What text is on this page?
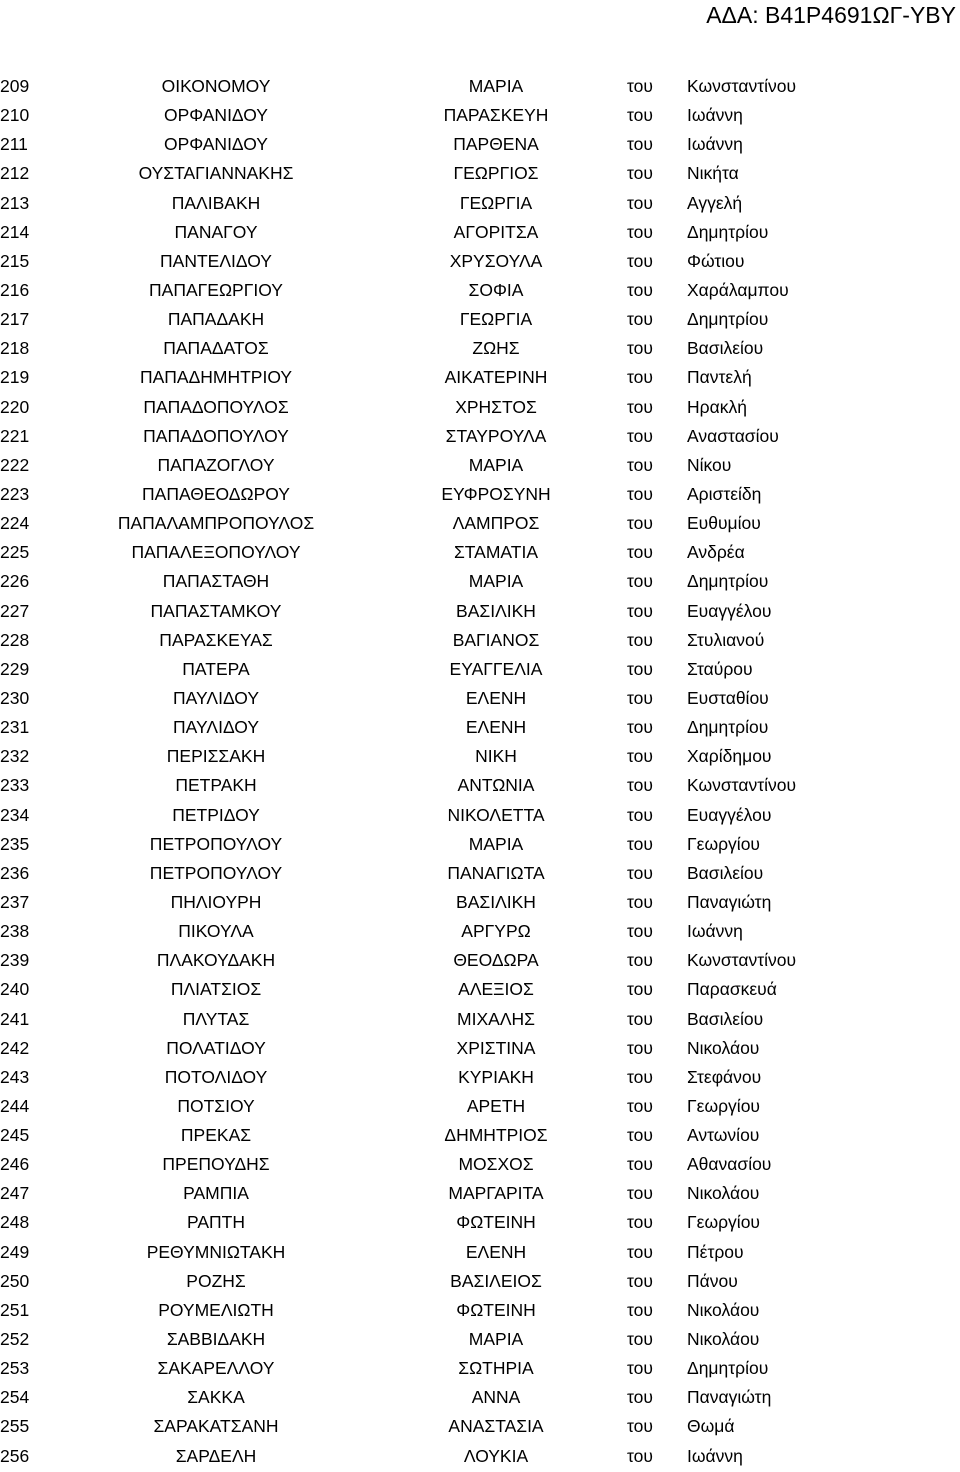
ΑΔΑ: Β41Ρ4691ΩΓ-ΥΒΥ
209	ΟΙΚΟΝΟΜΟΥ	ΜΑΡΙΑ	του Κωνσταντίνου
210	ΟΡΦΑΝΙΔΟΥ	ΠΑΡΑΣΚΕΥΗ	του Ιωάννη
211	ΟΡΦΑΝΙΔΟΥ	ΠΑΡΘΕΝΑ	του Ιωάννη
212	ΟΥΣΤΑΓΙΑΝΝΑΚΗΣ	ΓΕΩΡΓΙΟΣ	του Νικήτα
213	ΠΑΛΙΒΑΚΗ	ΓΕΩΡΓΙΑ	του Αγγελή
214	ΠΑΝΑΓΟΥ	ΑΓΟΡΙΤΣΑ	του Δημητρίου
215	ΠΑΝΤΕΛΙΔΟΥ	ΧΡΥΣΟΥΛΑ	του Φώτιου
216	ΠΑΠΑΓΕΩΡΓΙΟΥ	ΣΟΦΙΑ	του Χαράλαμπου
217	ΠΑΠΑΔΑΚΗ	ΓΕΩΡΓΙΑ	του Δημητρίου
218	ΠΑΠΑΔΑΤΟΣ	ΖΩΗΣ	του Βασιλείου
219	ΠΑΠΑΔΗΜΗΤΡΙΟΥ	ΑΙΚΑΤΕΡΙΝΗ	του Παντελή
220	ΠΑΠΑΔΟΠΟΥΛΟΣ	ΧΡΗΣΤΟΣ	του Ηρακλή
221	ΠΑΠΑΔΟΠΟΥΛΟΥ	ΣΤΑΥΡΟΥΛΑ	του Αναστασίου
222	ΠΑΠΑΖΟΓΛΟΥ	ΜΑΡΙΑ	του Νίκου
223	ΠΑΠΑΘΕΟΔΩΡΟΥ	ΕΥΦΡΟΣΥΝΗ	του Αριστείδη
224	ΠΑΠΑΛΑΜΠΡΟΠΟΥΛΟΣ	ΛΑΜΠΡΟΣ	του Ευθυμίου
225	ΠΑΠΑΛΕΞΟΠΟΥΛΟΥ	ΣΤΑΜΑΤΙΑ	του Ανδρέα
226	ΠΑΠΑΣΤΑΘΗ	ΜΑΡΙΑ	του Δημητρίου
227	ΠΑΠΑΣΤΑΜΚΟΥ	ΒΑΣΙΛΙΚΗ	του Ευαγγέλου
228	ΠΑΡΑΣΚΕΥΑΣ	ΒΑΓΙΑΝΟΣ	του Στυλιανού
229	ΠΑΤΕΡΑ	ΕΥΑΓΓΕΛΙΑ	του Σταύρου
230	ΠΑΥΛΙΔΟΥ	ΕΛΕΝΗ	του Ευσταθίου
231	ΠΑΥΛΙΔΟΥ	ΕΛΕΝΗ	του Δημητρίου
232	ΠΕΡΙΣΣΑΚΗ	ΝΙΚΗ	του Χαρίδημου
233	ΠΕΤΡΑΚΗ	ΑΝΤΩΝΙΑ	του Κωνσταντίνου
234	ΠΕΤΡΙΔΟΥ	ΝΙΚΟΛΕΤΤΑ	του Ευαγγέλου
235	ΠΕΤΡΟΠΟΥΛΟΥ	ΜΑΡΙΑ	του Γεωργίου
236	ΠΕΤΡΟΠΟΥΛΟΥ	ΠΑΝΑΓΙΩΤΑ	του Βασιλείου
237	ΠΗΛΙΟΥΡΗ	ΒΑΣΙΛΙΚΗ	του Παναγιώτη
238	ΠΙΚΟΥΛΑ	ΑΡΓΥΡΩ	του Ιωάννη
239	ΠΛΑΚΟΥΔΑΚΗ	ΘΕΟΔΩΡΑ	του Κωνσταντίνου
240	ΠΛΙΑΤΣΙΟΣ	ΑΛΕΞΙΟΣ	του Παρασκευά
241	ΠΛΥΤΑΣ	ΜΙΧΑΛΗΣ	του Βασιλείου
242	ΠΟΛΑΤΙΔΟΥ	ΧΡΙΣΤΙΝΑ	του Νικολάου
243	ΠΟΤΟΛΙΔΟΥ	ΚΥΡΙΑΚΗ	του Στεφάνου
244	ΠΟΤΣΙΟΥ	ΑΡΕΤΗ	του Γεωργίου
245	ΠΡΕΚΑΣ	ΔΗΜΗΤΡΙΟΣ	του Αντωνίου
246	ΠΡΕΠΟΥΔΗΣ	ΜΟΣΧΟΣ	του Αθανασίου
247	ΡΑΜΠΙΑ	ΜΑΡΓΑΡΙΤΑ	του Νικολάου
248	ΡΑΠΤΗ	ΦΩΤΕΙΝΗ	του Γεωργίου
249	ΡΕΘΥΜΝΙΩΤΑΚΗ	ΕΛΕΝΗ	του Πέτρου
250	ΡΟΖΗΣ	ΒΑΣΙΛΕΙΟΣ	του Πάνου
251	ΡΟΥΜΕΛΙΩΤΗ	ΦΩΤΕΙΝΗ	του Νικολάου
252	ΣΑΒΒΙΔΑΚΗ	ΜΑΡΙΑ	του Νικολάου
253	ΣΑΚΑΡΕΛΛΟΥ	ΣΩΤΗΡΙΑ	του Δημητρίου
254	ΣΑΚΚΑ	ΑΝΝΑ	του Παναγιώτη
255	ΣΑΡΑΚΑΤΣΑΝΗ	ΑΝΑΣΤΑΣΙΑ	του Θωμά
256	ΣΑΡΔΕΛΗ	ΛΟΥΚΙΑ	του Ιωάννη
